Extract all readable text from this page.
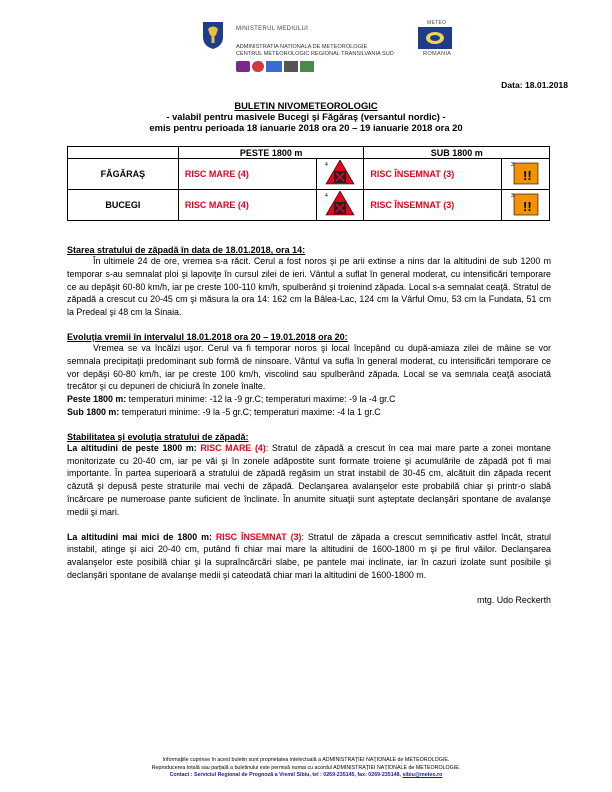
MINISTERUL MEDIULUI
ADMINISTRATIA NATIONALA DE METEOROLOGIE
CENTRUL METEOROLOGIC REGIONAL TRANSILVANIA SUD
METEO
ROMANIA
Data: 18.01.2018
BULETIN NIVOMETEOROLOGIC
- valabil pentru masivele Bucegi şi Făgăraş (versantul nordic) -
emis pentru perioada 18 ianuarie 2018 ora 20 – 19 ianuarie 2018 ora 20
	PESTE 1800 m		SUB 1800 m	
FĂGĂRAŞ	RISC MARE (4)	4	RISC ÎNSEMNAT (3)	3
!!

BUCEGI	RISC MARE (4)	4	RISC ÎNSEMNAT (3)	3
!!
Starea stratului de zăpadă în data de 18.01.2018, ora 14:
În ultimele 24 de ore, vremea s-a răcit. Cerul a fost noros şi pe arii extinse a nins dar la altitudini de sub 1200 m temporar s-au semnalat ploi şi lapoviţe în cursul zilei de ieri. Vântul a suflat în general moderat, cu intensificări temporare ce au depăşit 60-80 km/h, iar pe creste 100-110 km/h, spulberând şi troienind zăpada. Local s-a semnalat ceaţă. Stratul de zăpadă a crescut cu 20-45 cm şi măsura la ora 14: 162 cm la Bâlea-Lac, 124 cm la Vârful Omu, 53 cm la Fundata, 51 cm la Predeal şi 48 cm la Sinaia.
Evoluţia vremii în intervalul 18.01.2018 ora 20 – 19.01.2018 ora 20:
Vremea se va încălzi uşor. Cerul va fi temporar noros şi local începând cu după-amiaza zilei de mâine se vor semnala precipitaţii predominant sub formă de ninsoare. Vântul va sufla în general moderat, cu intensificări temporare ce vor depăşi 60-80 km/h, iar pe creste 100 km/h, viscolind sau spulberând zăpada. Local se va semnala ceaţă asociată trecător şi cu depuneri de chiciură în zonele înalte.
Peste 1800 m: temperaturi minime: -12 la -9 gr.C; temperaturi maxime: -9 la -4 gr.C
Sub 1800 m: temperaturi minime: -9 la -5 gr.C; temperaturi maxime: -4 la 1 gr.C
Stabilitatea şi evoluţia stratului de zăpadă:
La altitudini de peste 1800 m: RISC MARE (4): Stratul de zăpadă a crescut în cea mai mare parte a zonei montane monitorizate cu 20-40 cm, iar pe văi şi în zonele adăpostite sunt formate troiene şi acumulările de zăpadă pot fi mai importante. În partea superioară a stratului de zăpadă regăsim un strat instabil de 30-45 cm, alcătuit din zăpada recent căzută şi depusă peste straturile mai vechi de zăpadă. Declanşarea avalanşelor este probabilă chiar şi printr-o slabă încărcare pe numeroase pante suficient de înclinate. În anumite situaţii sunt aşteptate declanşări spontane de avalanşe medii şi mari.
La altitudini mai mici de 1800 m: RISC ÎNSEMNAT (3): Stratul de zăpada a crescut semnificativ astfel încât, stratul instabil, atinge şi aici 20-40 cm, putând fi chiar mai mare la altitudini de 1600-1800 m şi pe firul văilor. Declanşarea avalanşelor este posibilă chiar şi la supraîncărcări slabe, pe pantele mai inclinate, iar în cazuri izolate sunt posibile şi declanşări spontane de avalanşe medii şi cateodată chiar mari la altitudini de 1600-1800 m.
mtg. Udo Reckerth
Informaţiile cuprinse în acest buletin sunt proprietatea intelectuală a ADMINISTRAŢIEI NAŢIONALE de METEOROLOGIE.
Reproducerea totală sau parţială a buletinului este permisă numai cu acordul ADMINISTRAŢIEI NAŢIONALE de METEOROLOGIE.
Contact : Serviciul Regional de Prognoză a Vremii Sibiu, tel : 0269-235145, fax: 0269-235148, sibiu@meteo.ro
